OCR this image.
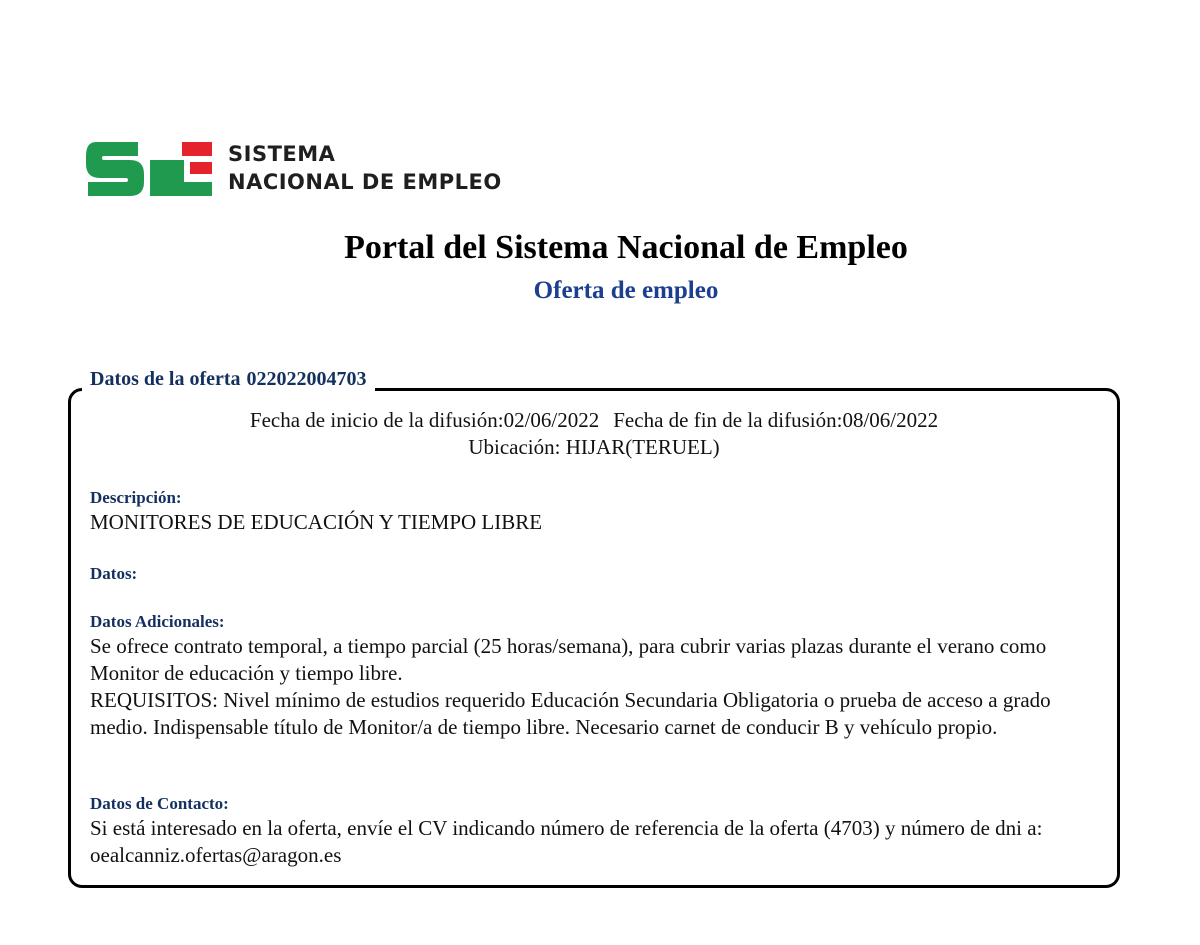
SISTEMA
NACIONAL DE EMPLEO
Portal del Sistema Nacional de Empleo
Oferta de empleo
Datos de la oferta 022022004703
Fecha de inicio de la difusión:02/06/2022 Fecha de fin de la difusión:08/06/2022
Ubicación: HIJAR(TERUEL)
Descripción:
MONITORES DE EDUCACIÓN Y TIEMPO LIBRE
Datos:
Datos Adicionales:

Se ofrece contrato temporal, a tiempo parcial (25 horas/semana), para cubrir varias plazas durante el verano como Monitor de educación y tiempo libre.

REQUISITOS: Nivel mínimo de estudios requerido Educación Secundaria Obligatoria o prueba de acceso a grado medio. Indispensable título de Monitor/a de tiempo libre. Necesario carnet de conducir B y vehículo propio.

Datos de Contacto:
Si está interesado en la oferta, envíe el CV indicando número de referencia de la oferta (4703) y número de dni a: oealcanniz.ofertas@aragon.es
